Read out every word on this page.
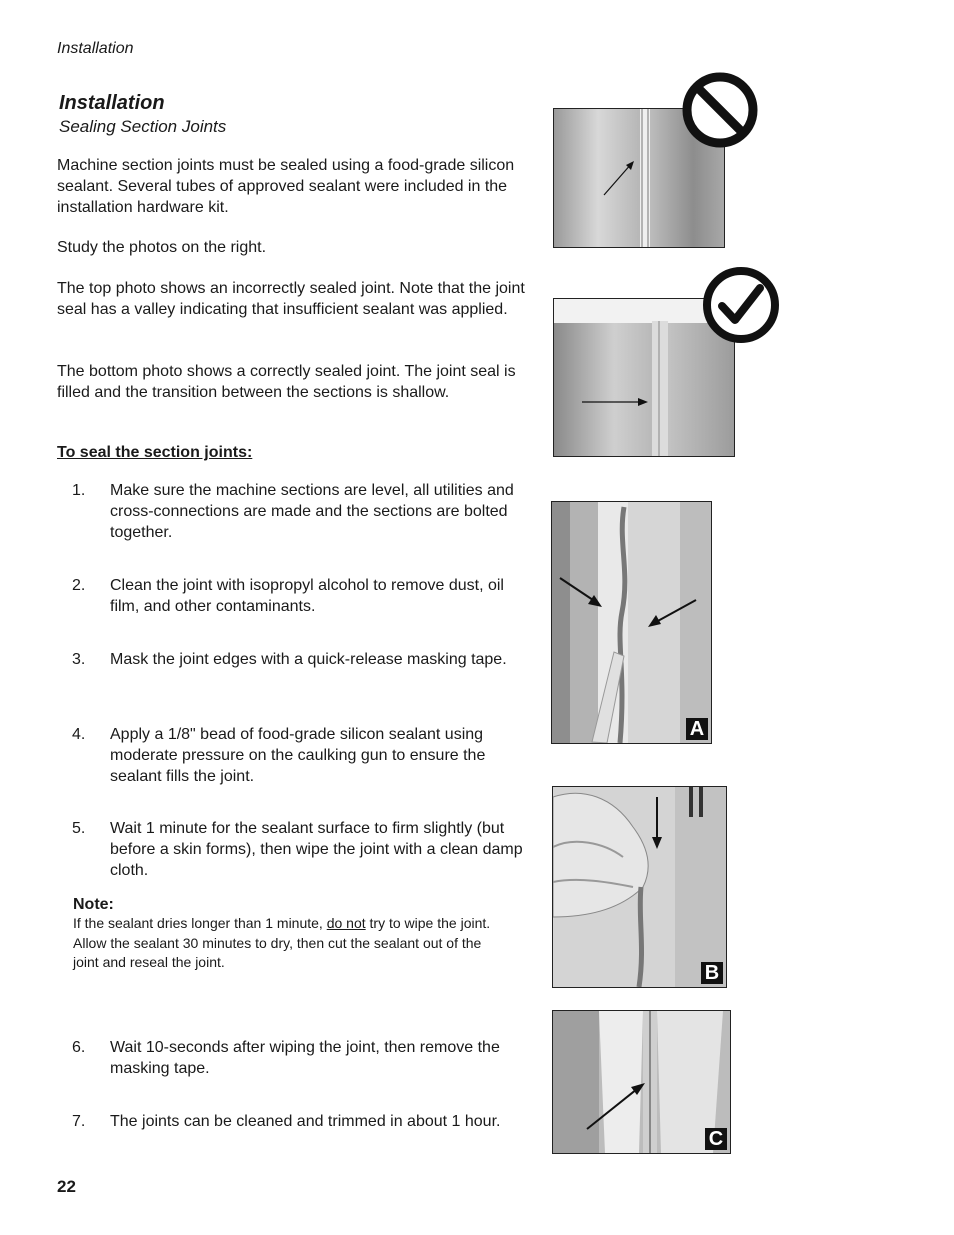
Installation
Installation
Sealing Section Joints

Machine section joints must be sealed using a food-grade silicon sealant. Several tubes of approved sealant were included in the installation hardware kit.

Study the photos on the right.

The top photo shows an incorrectly sealed joint. Note that the joint seal has a valley indicating that insufficient sealant was applied.

The bottom photo shows a correctly sealed joint. The joint seal is filled and the transition between the sections is shallow.

To seal the section joints:
1. Make sure the machine sections are level, all utilities and cross-connections are made and the sections are bolted together.
2. Clean the joint with isopropyl alcohol to remove dust, oil film, and other contaminants.
3. Mask the joint edges with a quick-release masking tape.
4. Apply a 1/8" bead of food-grade silicon sealant using moderate pressure on the caulking gun to ensure the sealant fills the joint.
5. Wait 1 minute for the sealant surface to firm slightly (but before a skin forms), then wipe the joint with a clean damp cloth.
Note:
If the sealant dries longer than 1 minute, do not try to wipe the joint. Allow the sealant 30 minutes to dry, then cut the sealant out of the joint and reseal the joint.
6. Wait 10-seconds after wiping the joint, then remove the masking tape.
7. The joints can be cleaned and trimmed in about 1 hour.
22
A
B
C
